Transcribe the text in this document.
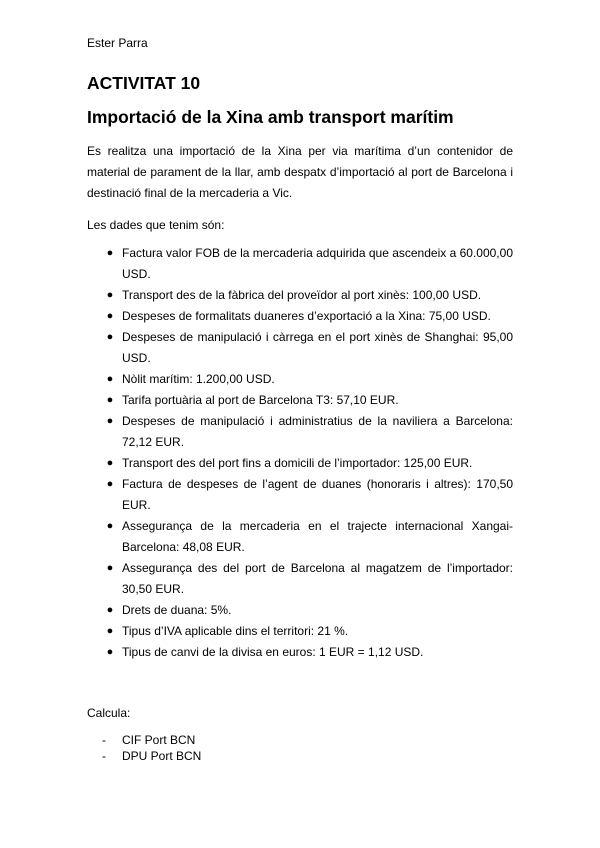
Ester Parra
ACTIVITAT 10
Importació de la Xina amb transport marítim

Es realitza una importació de la Xina per via marítima d’un contenidor de material de parament de la llar, amb despatx d’importació al port de Barcelona i destinació final de la mercaderia a Vic.

Les dades que tenim són:

● Factura valor FOB de la mercaderia adquirida que ascendeix a 60.000,00 USD.
● Transport des de la fàbrica del proveïdor al port xinès: 100,00 USD.
● Despeses de formalitats duaneres d’exportació a la Xina: 75,00 USD.
● Despeses de manipulació i càrrega en el port xinès de Shanghai: 95,00 USD.
● Nòlit marítim: 1.200,00 USD.
● Tarifa portuària al port de Barcelona T3: 57,10 EUR.
● Despeses de manipulació i administratius de la naviliera a Barcelona: 72,12 EUR.
● Transport des del port fins a domicili de l’importador: 125,00 EUR.
● Factura de despeses de l’agent de duanes (honoraris i altres): 170,50 EUR.
● Assegurança de la mercaderia en el trajecte internacional Xangai-Barcelona: 48,08 EUR.
● Assegurança des del port de Barcelona al magatzem de l’importador: 30,50 EUR.
● Drets de duana: 5%.
● Tipus d’IVA aplicable dins el territori: 21 %.
● Tipus de canvi de la divisa en euros: 1 EUR = 1,12 USD.

Calcula:

- CIF Port BCN
- DPU Port BCN
